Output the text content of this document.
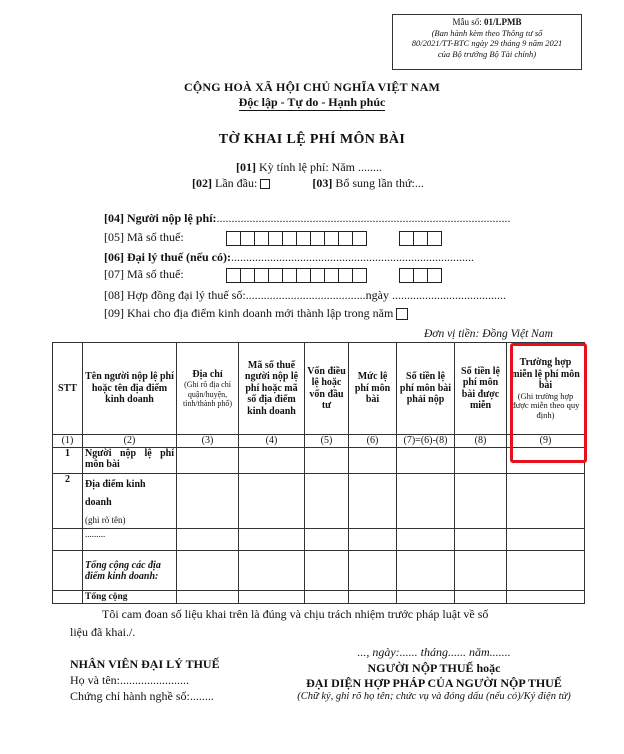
Mẫu số: 01/LPMB
(Ban hành kèm theo Thông tư số
80/2021/TT-BTC ngày 29 tháng 9 năm 2021
của Bộ trưởng Bộ Tài chính)
CỘNG HOÀ XÃ HỘI CHỦ NGHĨA VIỆT NAM
Độc lập - Tự do - Hạnh phúc
TỜ KHAI LỆ PHÍ MÔN BÀI
[01] Kỳ tính lệ phí: Năm ........
[02] Lần đầu:	[03] Bổ sung lần thứ:...
[04] Người nộp lệ phí:..................................................................................................
[05] Mã số thuế:

[06] Đại lý thuế (nếu có):.................................................................................
[07] Mã số thuế:

[08] Hợp đồng đại lý thuế số:........................................ngày ......................................
[09] Khai cho địa điểm kinh doanh mới thành lập trong năm
Đơn vị tiền: Đồng Việt Nam
STT	Tên người nộp lệ phí hoặc tên địa điểm kinh doanh	Địa chỉ
(Ghi rõ địa chỉ quận/huyện, tỉnh/thành phố)	Mã số thuế người nộp lệ phí hoặc mã số địa điểm kinh doanh	Vốn điều lệ hoặc vốn đầu tư	Mức lệ phí môn bài	Số tiền lệ phí môn bài phải nộp	Số tiền lệ phí môn bài được miễn	Trường hợp miễn lệ phí môn bài
(Ghi trường hợp được miễn theo quy định)

(1)	(2)	(3)	(4)	(5)	(6)	(7)=(6)-(8)	(8)	(9)
1	Người nộp lệ phí môn bài							
2	Địa điểm kinh doanh
(ghi rõ tên)							
	.........							
	Tổng cộng các địa điểm kinh doanh:							
	Tổng cộng							
Tôi cam đoan số liệu khai trên là đúng và chịu trách nhiệm trước pháp luật về số
liệu đã khai./.
NHÂN VIÊN ĐẠI LÝ THUẾ
Họ và tên:.......................
Chứng chỉ hành nghề số:........
..., ngày:...... tháng...... năm.......
NGƯỜI NỘP THUẾ hoặc
ĐẠI DIỆN HỢP PHÁP CỦA NGƯỜI NỘP THUẾ
(Chữ ký, ghi rõ họ tên; chức vụ và đóng dấu (nếu có)/Ký điện tử)
